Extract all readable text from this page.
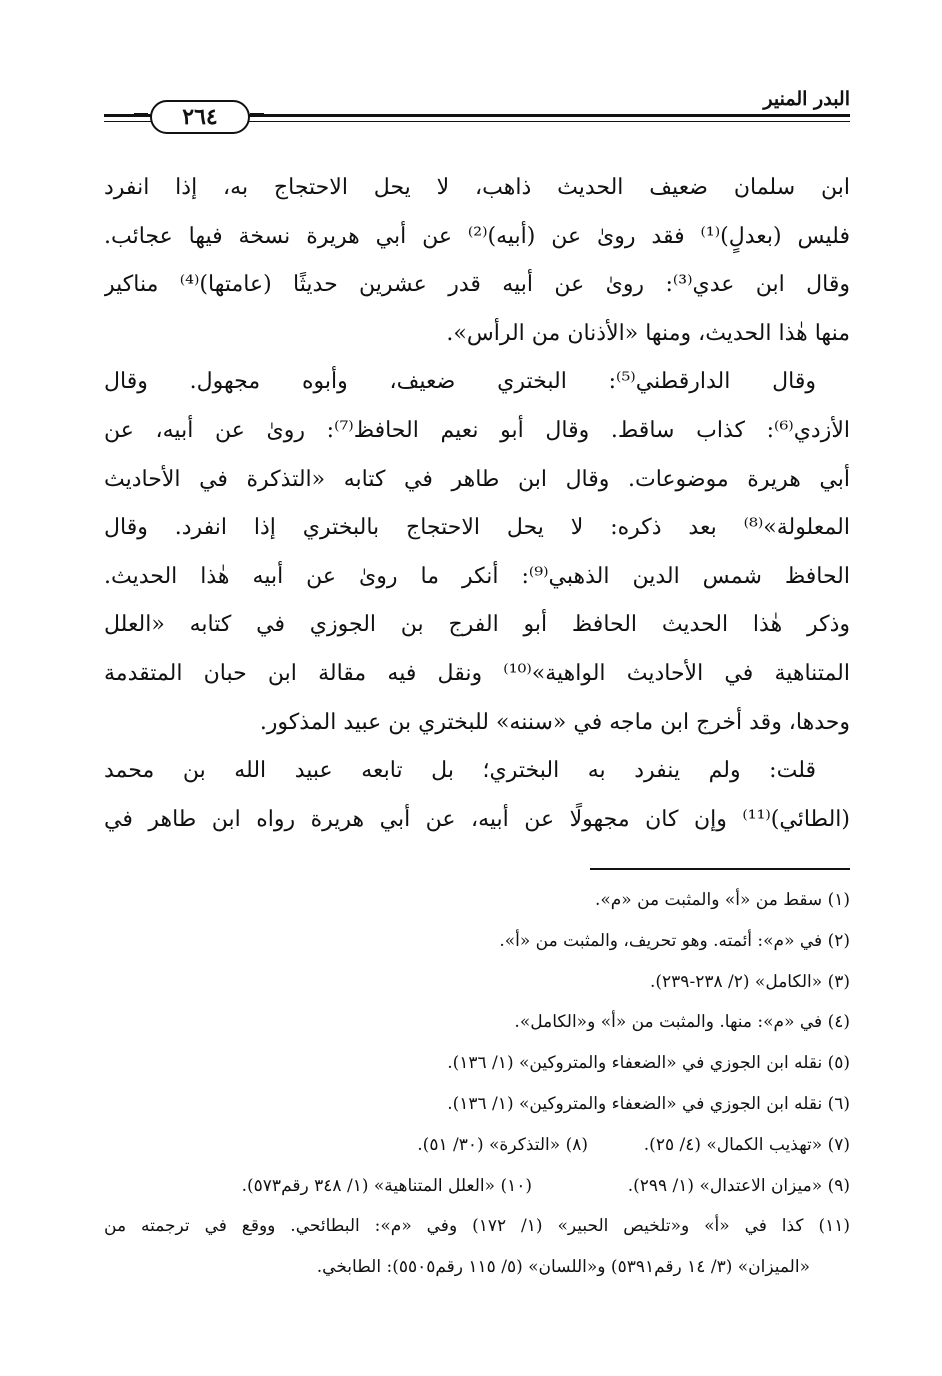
البدر المنير
٢٦٤
ابن سلمان ضعيف الحديث ذاهب، لا يحل الاحتجاج به، إذا انفرد
فليس (بعدلٍ)⁽¹⁾ فقد روىٰ عن (أبيه)⁽²⁾ عن أبي هريرة نسخة فيها عجائب.
وقال ابن عدي⁽³⁾: روىٰ عن أبيه قدر عشرين حديثًا (عامتها)⁽⁴⁾ مناكير
منها هٰذا الحديث، ومنها «الأذنان من الرأس».
وقال الدارقطني⁽⁵⁾: البختري ضعيف، وأبوه مجهول. وقال
الأزدي⁽⁶⁾: كذاب ساقط. وقال أبو نعيم الحافظ⁽⁷⁾: روىٰ عن أبيه، عن
أبي هريرة موضوعات. وقال ابن طاهر في كتابه «التذكرة في الأحاديث
المعلولة»⁽⁸⁾ بعد ذكره: لا يحل الاحتجاج بالبختري إذا انفرد. وقال
الحافظ شمس الدين الذهبي⁽⁹⁾: أنكر ما روىٰ عن أبيه هٰذا الحديث.
وذكر هٰذا الحديث الحافظ أبو الفرج بن الجوزي في كتابه «العلل
المتناهية في الأحاديث الواهية»⁽¹⁰⁾ ونقل فيه مقالة ابن حبان المتقدمة
وحدها، وقد أخرج ابن ماجه في «سننه» للبختري بن عبيد المذكور.
قلت: ولم ينفرد به البختري؛ بل تابعه عبيد الله بن محمد
(الطائي)⁽¹¹⁾ وإن كان مجهولًا عن أبيه، عن أبي هريرة رواه ابن طاهر في
(١) سقط من «أ» والمثبت من «م».
(٢) في «م»: أئمته. وهو تحريف، والمثبت من «أ».
(٣) «الكامل» (٢/ ٢٣٨-٢٣٩).
(٤) في «م»: منها. والمثبت من «أ» و«الكامل».
(٥) نقله ابن الجوزي في «الضعفاء والمتروكين» (١/ ١٣٦).
(٦) نقله ابن الجوزي في «الضعفاء والمتروكين» (١/ ١٣٦).
(٧) «تهذيب الكمال» (٤/ ٢٥).
(٨) «التذكرة» (٣٠/ ٥١).
(٩) «ميزان الاعتدال» (١/ ٢٩٩).
(١٠) «العلل المتناهية» (١/ ٣٤٨ رقم٥٧٣).
(١١) كذا في «أ» و«تلخيص الحبير» (١/ ١٧٢) وفي «م»: البطائحي. ووقع في ترجمته من
«الميزان» (٣/ ١٤ رقم٥٣٩١) و«اللسان» (٥/ ١١٥ رقم٥٥٠٥): الطابخي.
